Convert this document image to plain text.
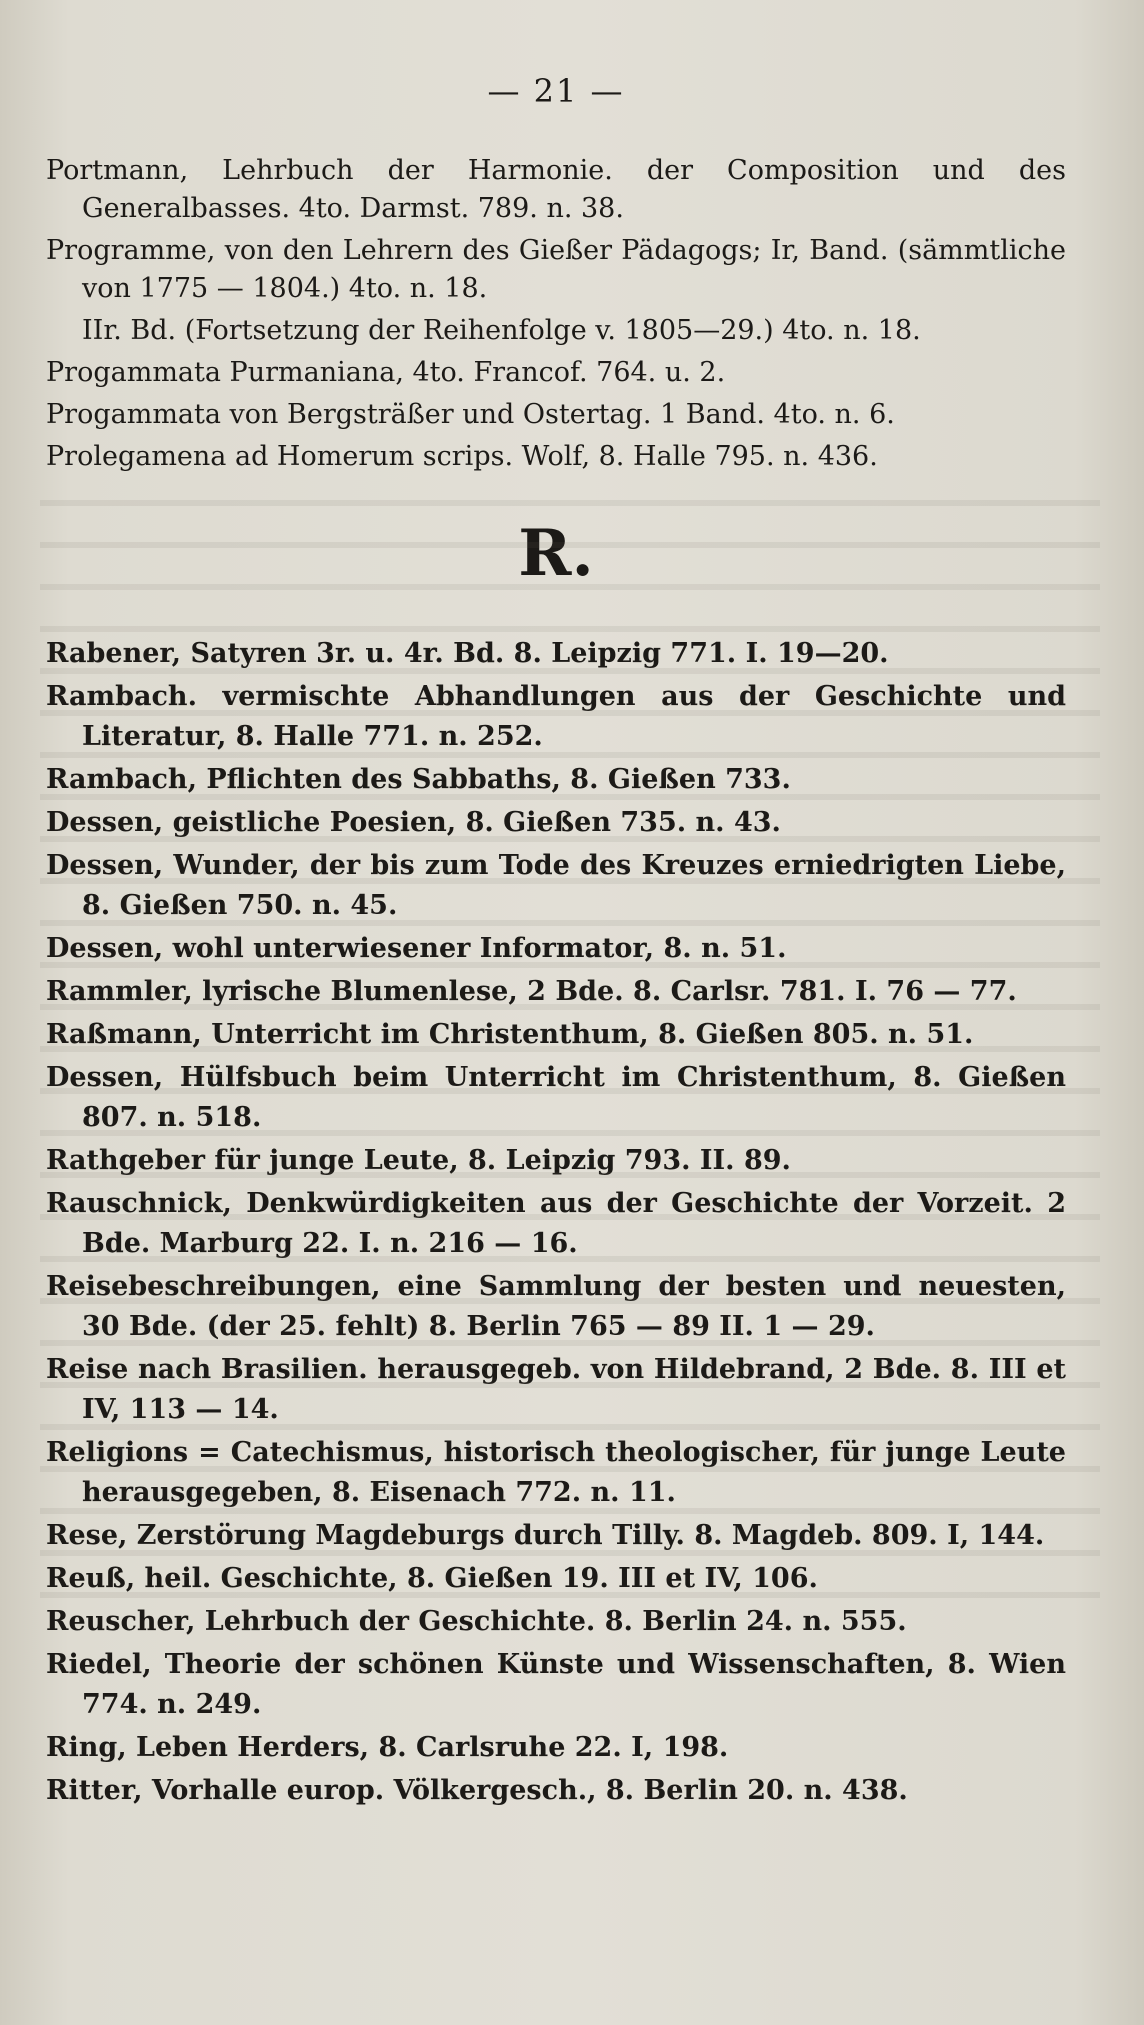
— 21 —

Portmann, Lehrbuch der Harmonie. der Composition und des Generalbasses. 4to. Darmst. 789. n. 38.

Programme, von den Lehrern des Gießer Pädagogs; Ir, Band. (sämmtliche von 1775 — 1804.) 4to. n. 18.

IIr. Bd. (Fortsetzung der Reihenfolge v. 1805—29.) 4to. n. 18.

Progammata Purmaniana, 4to. Francof. 764. u. 2.

Progammata von Bergsträßer und Ostertag. 1 Band. 4to. n. 6.

Prolegamena ad Homerum scrips. Wolf, 8. Halle 795. n. 436.

R.

Rabener, Satyren 3r. u. 4r. Bd. 8. Leipzig 771. I. 19—20.

Rambach. vermischte Abhandlungen aus der Geschichte und Literatur, 8. Halle 771. n. 252.

Rambach, Pflichten des Sabbaths, 8. Gießen 733.

Dessen, geistliche Poesien, 8. Gießen 735. n. 43.

Dessen, Wunder, der bis zum Tode des Kreuzes erniedrigten Liebe, 8. Gießen 750. n. 45.

Dessen, wohl unterwiesener Informator, 8. n. 51.

Rammler, lyrische Blumenlese, 2 Bde. 8. Carlsr. 781. I. 76 — 77.

Raßmann, Unterricht im Christenthum, 8. Gießen 805. n. 51.

Dessen, Hülfsbuch beim Unterricht im Christenthum, 8. Gießen 807. n. 518.

Rathgeber für junge Leute, 8. Leipzig 793. II. 89.

Rauschnick, Denkwürdigkeiten aus der Geschichte der Vorzeit. 2 Bde. Marburg 22. I. n. 216 — 16.

Reisebeschreibungen, eine Sammlung der besten und neuesten, 30 Bde. (der 25. fehlt) 8. Berlin 765 — 89 II. 1 — 29.

Reise nach Brasilien. herausgegeb. von Hildebrand, 2 Bde. 8. III et IV, 113 — 14.

Religions = Catechismus, historisch theologischer, für junge Leute herausgegeben, 8. Eisenach 772. n. 11.

Rese, Zerstörung Magdeburgs durch Tilly. 8. Magdeb. 809. I, 144.

Reuß, heil. Geschichte, 8. Gießen 19. III et IV, 106.

Reuscher, Lehrbuch der Geschichte. 8. Berlin 24. n. 555.

Riedel, Theorie der schönen Künste und Wissenschaften, 8. Wien 774. n. 249.

Ring, Leben Herders, 8. Carlsruhe 22. I, 198.

Ritter, Vorhalle europ. Völkergesch., 8. Berlin 20. n. 438.
